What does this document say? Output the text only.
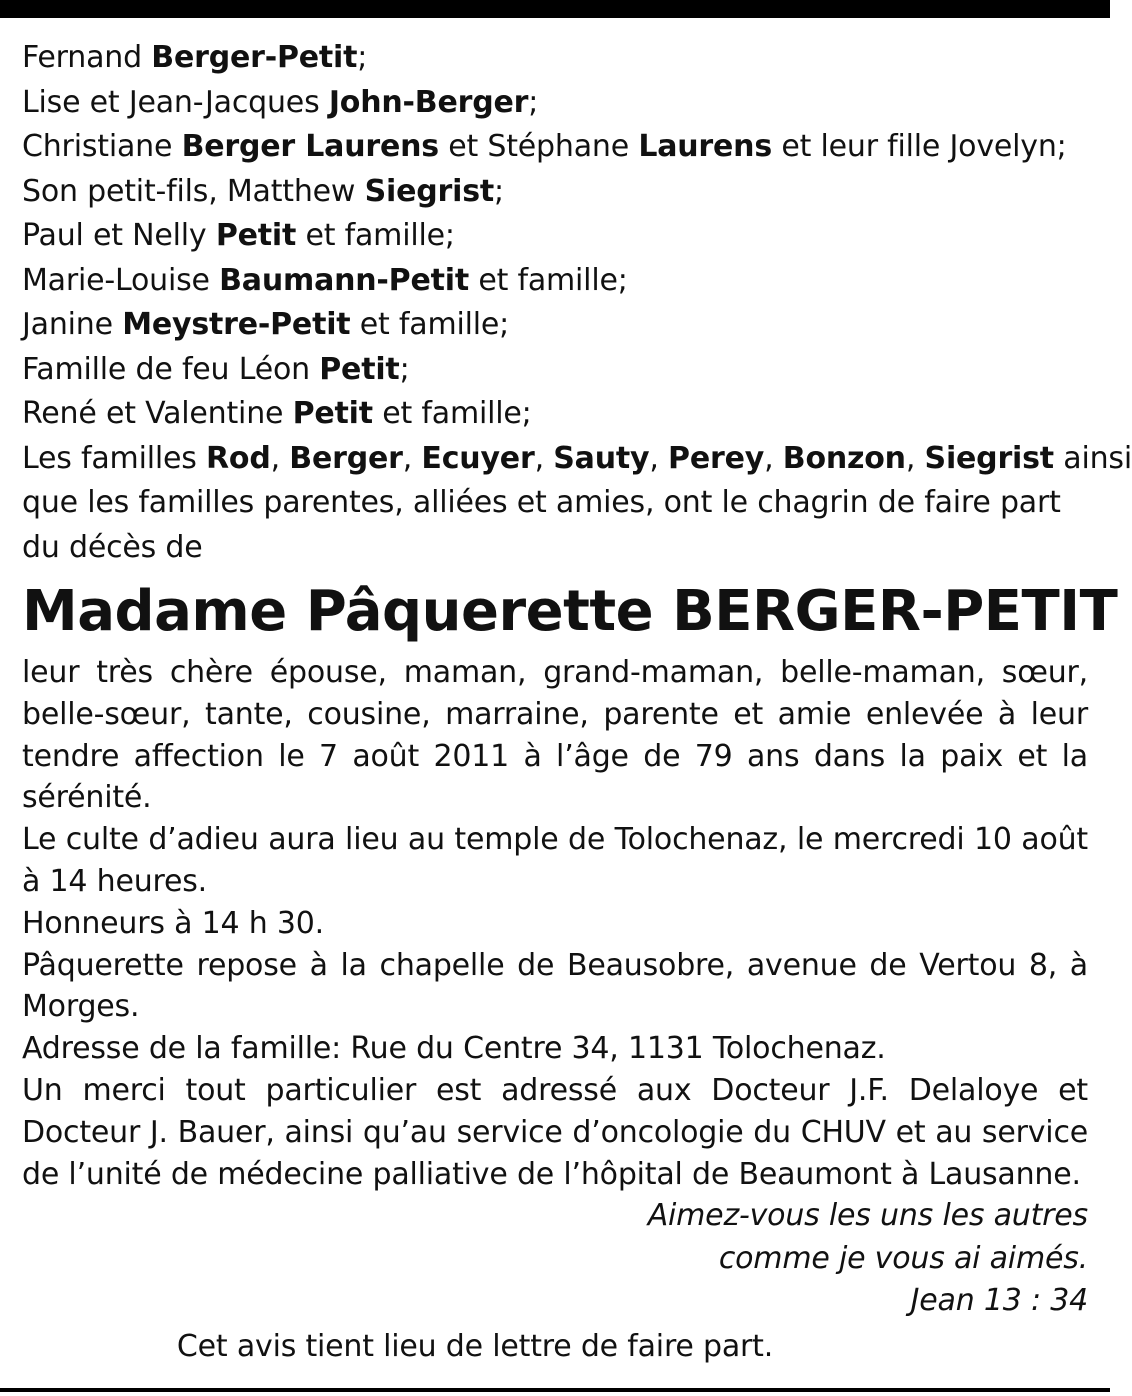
Fernand Berger-Petit;
Lise et Jean-Jacques John-Berger;
Christiane Berger Laurens et Stéphane Laurens et leur fille Jovelyn;
Son petit-fils, Matthew Siegrist;
Paul et Nelly Petit et famille;
Marie-Louise Baumann-Petit et famille;
Janine Meystre-Petit et famille;
Famille de feu Léon Petit;
René et Valentine Petit et famille;
Les familles Rod, Berger, Ecuyer, Sauty, Perey, Bonzon, Siegrist ainsi
que les familles parentes, alliées et amies, ont le chagrin de faire part
du décès de
Madame Pâquerette BERGER-PETIT
leur très chère épouse, maman, grand-maman, belle-maman, sœur, belle-sœur, tante, cousine, marraine, parente et amie enlevée à leur tendre affection le 7 août 2011 à l’âge de 79 ans dans la paix et la sérénité.
Le culte d’adieu aura lieu au temple de Tolochenaz, le mercredi 10 août à 14 heures.
Honneurs à 14 h 30.
Pâquerette repose à la chapelle de Beausobre, avenue de Vertou 8, à Morges.
Adresse de la famille: Rue du Centre 34, 1131 Tolochenaz.
Un merci tout particulier est adressé aux Docteur J.F. Delaloye et Docteur J. Bauer, ainsi qu’au service d’oncologie du CHUV et au service de l’unité de médecine palliative de l’hôpital de Beaumont à Lausanne.
Aimez-vous les uns les autres
comme je vous ai aimés.
Jean 13 : 34
Cet avis tient lieu de lettre de faire part.
